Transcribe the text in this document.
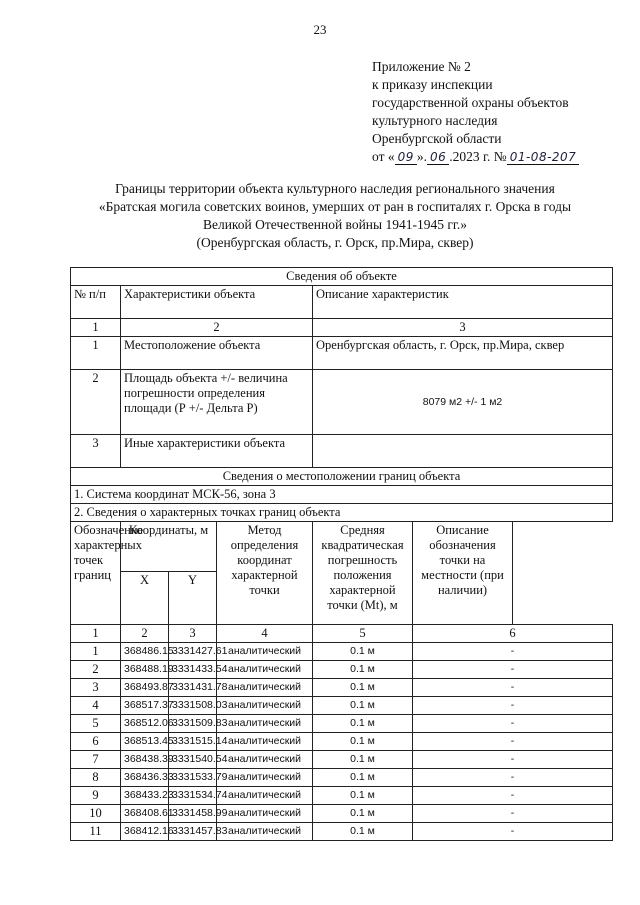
23
Приложение № 2
к приказу инспекции
государственной охраны объектов
культурного наследия
Оренбургской области
от « 09 ». 06 .2023 г. № 01-08-207
Границы территории объекта культурного наследия регионального значения
«Братская могила советских воинов, умерших от ран в госпиталях г. Орска в годы
Великой Отечественной войны 1941-1945 гг.»
(Оренбургская область, г. Орск, пр.Мира, сквер)
Сведения об объекте					
№ п/п	Характеристики объекта			Описание характеристик	
1	2			3	
1	Местоположение объекта			Оренбургская область, г. Орск, пр.Мира, сквер	
2	Площадь объекта +/- величина погрешности определения площади (Р +/- Дельта Р)			8079 м2 +/- 1 м2	
3	Иные характеристики объекта				
Сведения о местоположении границ объекта					
1. Система координат МСК-56, зона 3					
2. Сведения о характерных точках границ объекта					
Обозначение характерных точек границ	Координаты, м		Метод определения координат характерной точки	Средняя квадратическая погрешность положения характерной точки (Mt), м	Описание обозначения точки на местности (при наличии)
	X	Y			
1	2	3	4	5	6
1	368486.15	3331427.61	аналитический	0.1 м	-
2	368488.19	3331433.54	аналитический	0.1 м	-
3	368493.87	3331431.78	аналитический	0.1 м	-
4	368517.37	3331508.03	аналитический	0.1 м	-
5	368512.06	3331509.83	аналитический	0.1 м	-
6	368513.45	3331515.14	аналитический	0.1 м	-
7	368438.39	3331540.54	аналитический	0.1 м	-
8	368436.33	3331533.79	аналитический	0.1 м	-
9	368433.23	3331534.74	аналитический	0.1 м	-
10	368408.61	3331458.99	аналитический	0.1 м	-
11	368412.16	3331457.83	аналитический	0.1 м	-
